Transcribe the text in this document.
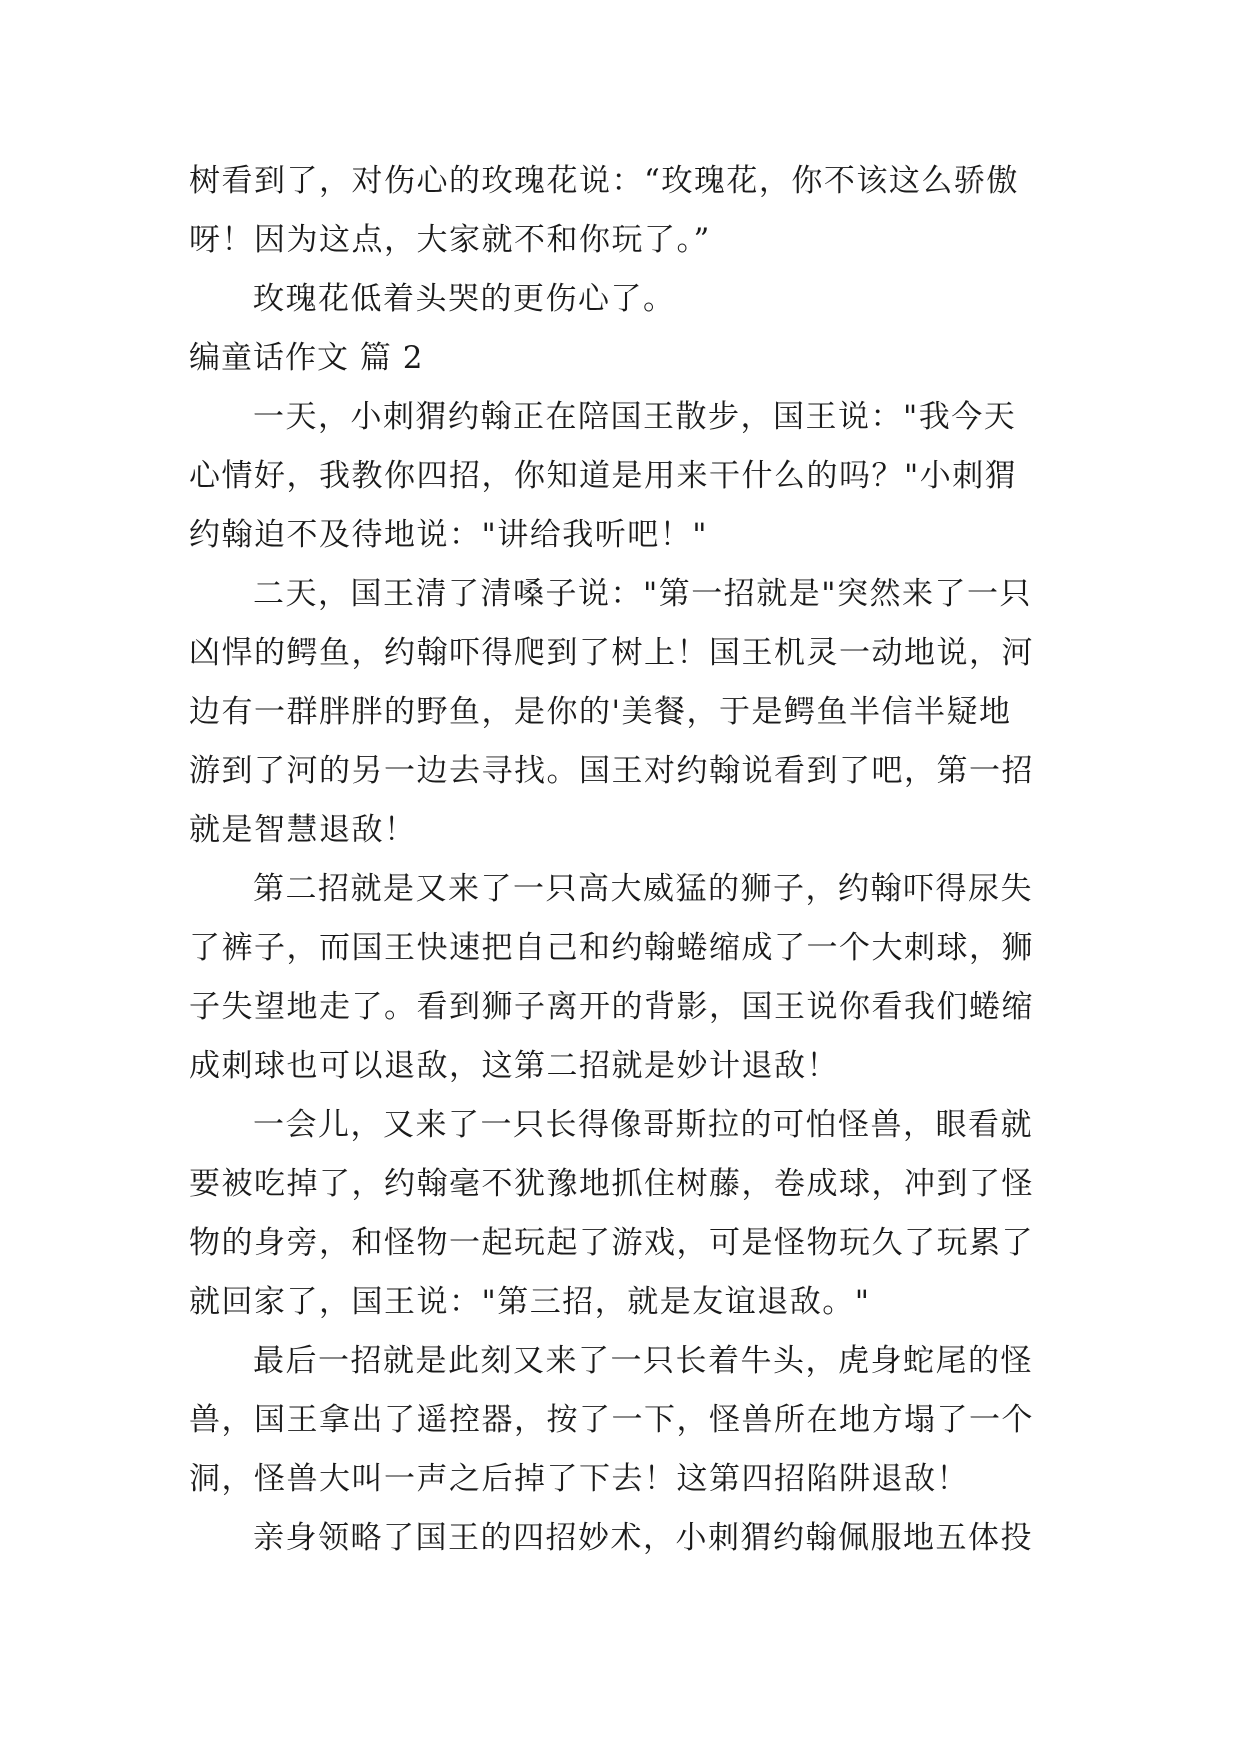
树看到了，对伤心的玫瑰花说：“玫瑰花，你不该这么骄傲
呀！因为这点，大家就不和你玩了。”
玫瑰花低着头哭的更伤心了。
编童话作文 篇 2
一天，小刺猬约翰正在陪国王散步，国王说："我今天
心情好，我教你四招，你知道是用来干什么的吗？"小刺猬
约翰迫不及待地说："讲给我听吧！"
二天，国王清了清嗓子说："第一招就是"突然来了一只
凶悍的鳄鱼，约翰吓得爬到了树上！国王机灵一动地说，河
边有一群胖胖的野鱼，是你的'美餐，于是鳄鱼半信半疑地
游到了河的另一边去寻找。国王对约翰说看到了吧，第一招
就是智慧退敌！
第二招就是又来了一只高大威猛的狮子，约翰吓得尿失
了裤子，而国王快速把自己和约翰蜷缩成了一个大刺球，狮
子失望地走了。看到狮子离开的背影，国王说你看我们蜷缩
成刺球也可以退敌，这第二招就是妙计退敌！
一会儿，又来了一只长得像哥斯拉的可怕怪兽，眼看就
要被吃掉了，约翰毫不犹豫地抓住树藤，卷成球，冲到了怪
物的身旁，和怪物一起玩起了游戏，可是怪物玩久了玩累了
就回家了，国王说："第三招，就是友谊退敌。"
最后一招就是此刻又来了一只长着牛头，虎身蛇尾的怪
兽，国王拿出了遥控器，按了一下，怪兽所在地方塌了一个
洞，怪兽大叫一声之后掉了下去！这第四招陷阱退敌！
亲身领略了国王的四招妙术，小刺猬约翰佩服地五体投
